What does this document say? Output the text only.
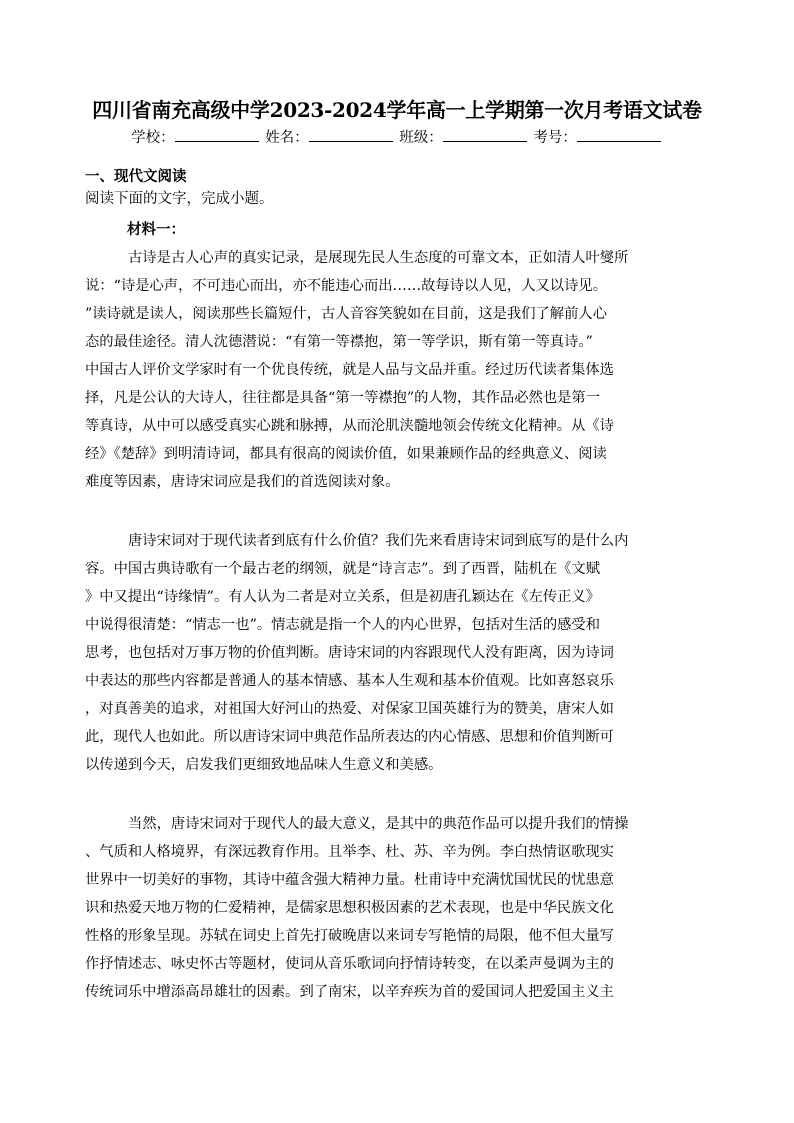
四川省南充高级中学2023-2024学年高一上学期第一次月考语文试卷
学校：	姓名：	班级：	考号：
一、现代文阅读
阅读下面的文字，完成小题。
材料一：
古诗是古人心声的真实记录，是展现先民人生态度的可靠文本，正如清人叶燮所
说：“诗是心声，不可违心而出，亦不能违心而出……故每诗以人见，人又以诗见。
”读诗就是读人，阅读那些长篇短什，古人音容笑貌如在目前，这是我们了解前人心
态的最佳途径。清人沈德潜说：“有第一等襟抱，第一等学识，斯有第一等真诗。”
中国古人评价文学家时有一个优良传统，就是人品与文品并重。经过历代读者集体选
择，凡是公认的大诗人，往往都是具备“第一等襟抱”的人物，其作品必然也是第一
等真诗，从中可以感受真实心跳和脉搏，从而沦肌浃髓地领会传统文化精神。从《诗
经》《楚辞》到明清诗词，都具有很高的阅读价值，如果兼顾作品的经典意义、阅读
难度等因素，唐诗宋词应是我们的首选阅读对象。
唐诗宋词对于现代读者到底有什么价值？我们先来看唐诗宋词到底写的是什么内
容。中国古典诗歌有一个最古老的纲领，就是“诗言志”。到了西晋，陆机在《文赋
》中又提出“诗缘情”。有人认为二者是对立关系，但是初唐孔颖达在《左传正义》
中说得很清楚：“情志一也”。情志就是指一个人的内心世界，包括对生活的感受和
思考，也包括对万事万物的价值判断。唐诗宋词的内容跟现代人没有距离，因为诗词
中表达的那些内容都是普通人的基本情感、基本人生观和基本价值观。比如喜怒哀乐
，对真善美的追求，对祖国大好河山的热爱、对保家卫国英雄行为的赞美，唐宋人如
此，现代人也如此。所以唐诗宋词中典范作品所表达的内心情感、思想和价值判断可
以传递到今天，启发我们更细致地品味人生意义和美感。
当然，唐诗宋词对于现代人的最大意义，是其中的典范作品可以提升我们的情操
、气质和人格境界，有深远教育作用。且举李、杜、苏、辛为例。李白热情讴歌现实
世界中一切美好的事物，其诗中蕴含强大精神力量。杜甫诗中充满忧国忧民的忧患意
识和热爱天地万物的仁爱精神，是儒家思想积极因素的艺术表现，也是中华民族文化
性格的形象呈现。苏轼在词史上首先打破晚唐以来词专写艳情的局限，他不但大量写
作抒情述志、咏史怀古等题材，使词从音乐歌词向抒情诗转变，在以柔声曼调为主的
传统词乐中增添高昂雄壮的因素。到了南宋，以辛弃疾为首的爱国词人把爱国主义主
